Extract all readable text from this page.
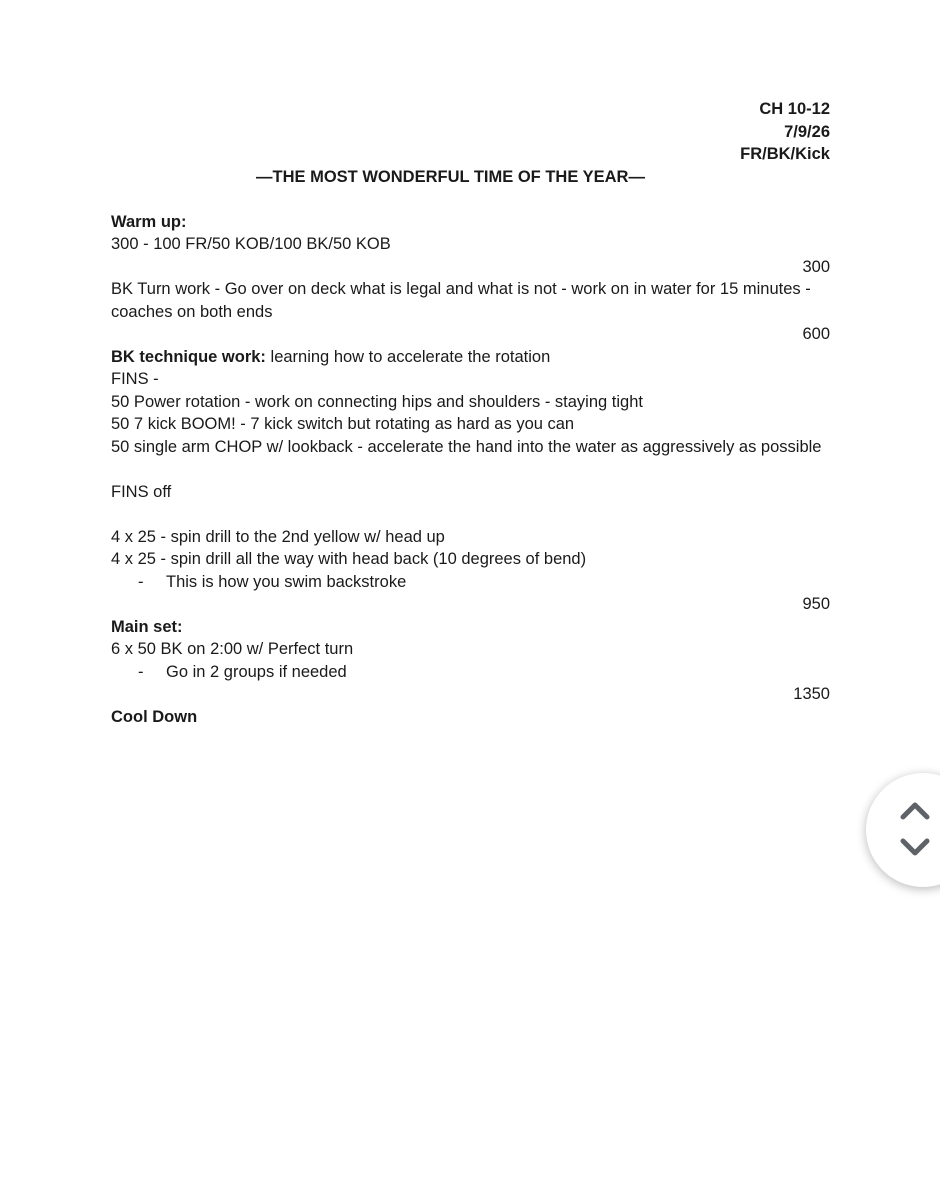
CH 10-12
7/9/26
FR/BK/Kick
—THE MOST WONDERFUL TIME OF THE YEAR—
Warm up:
300 - 100 FR/50 KOB/100 BK/50 KOB
300
BK Turn work - Go over on deck what is legal and what is not - work on in water for 15 minutes - coaches on both ends
600
BK technique work: learning how to accelerate the rotation
FINS -
50 Power rotation - work on connecting hips and shoulders - staying tight
50 7 kick BOOM! - 7 kick switch but rotating as hard as you can
50 single arm CHOP w/ lookback - accelerate the hand into the water as aggressively as possible
FINS off
4 x 25 - spin drill to the 2nd yellow w/ head up
4 x 25 - spin drill all the way with head back (10 degrees of bend)
-	This is how you swim backstroke
950
Main set:
6 x 50 BK on 2:00 w/ Perfect turn
-	Go in 2 groups if needed
1350
Cool Down
